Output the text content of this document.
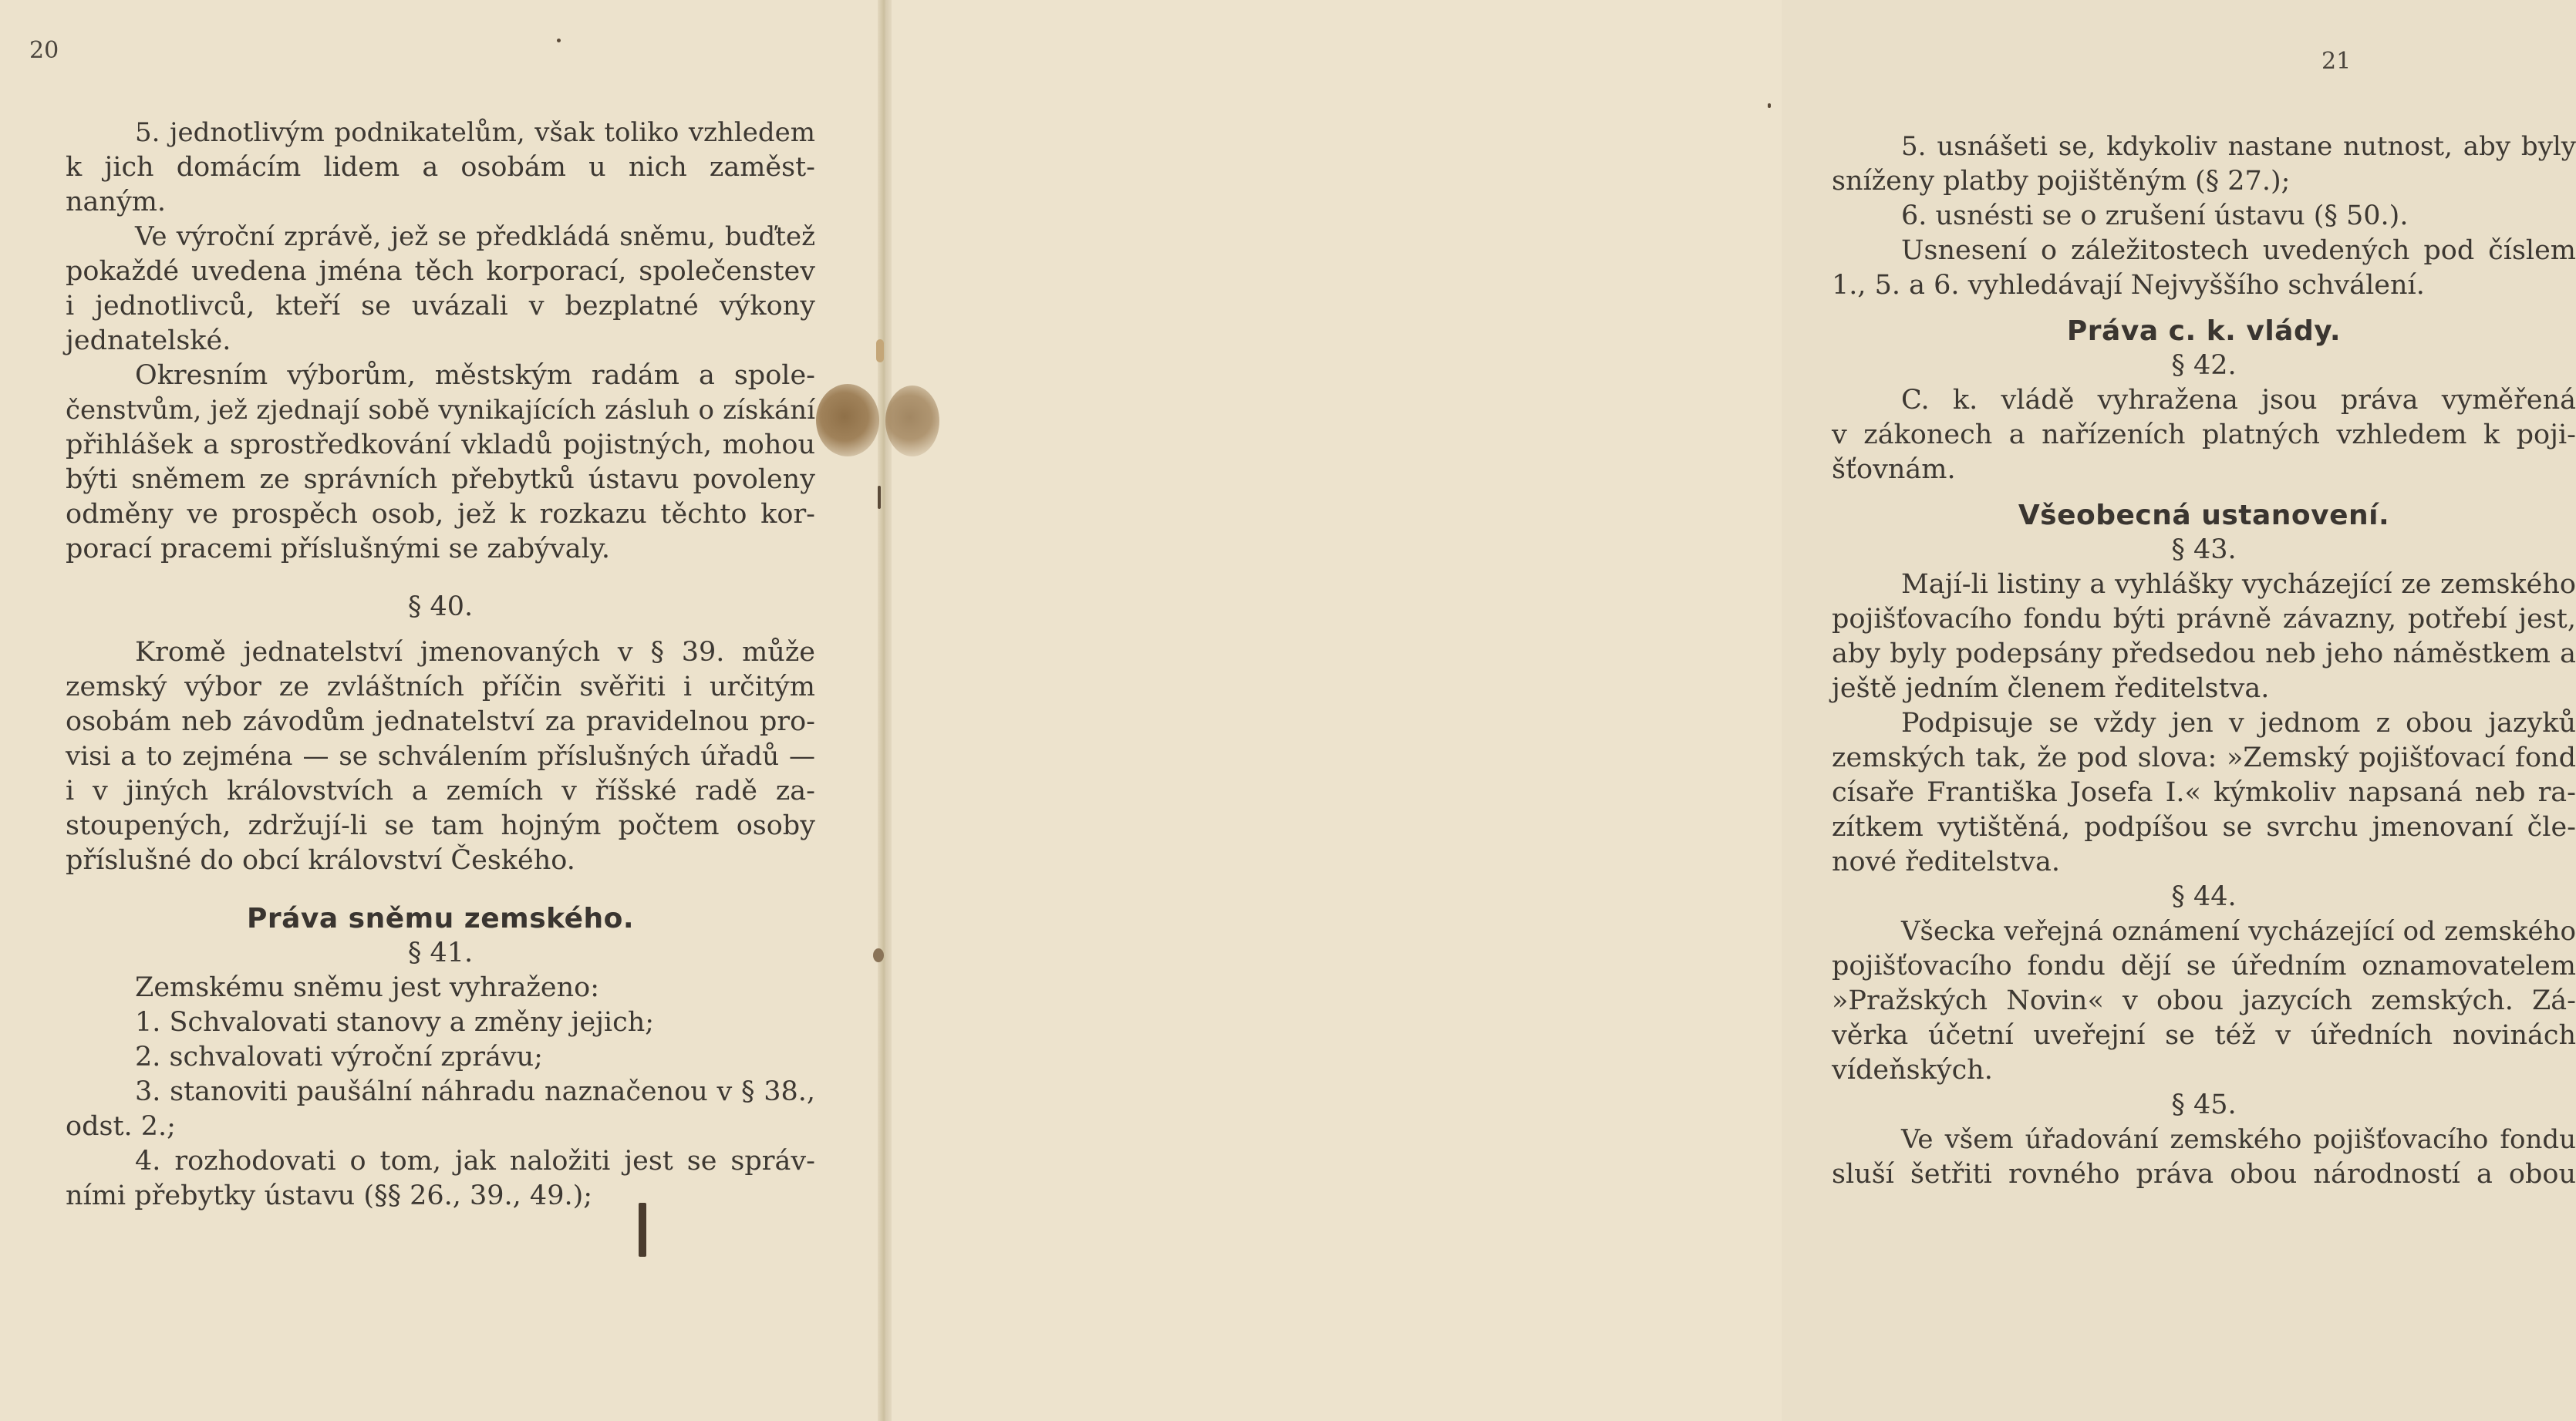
20
5. jednotlivým podnikatelům, však toliko vzhledem
k jich domácím lidem a osobám u nich zaměst-
naným.
Ve výroční zprávě, jež se předkládá sněmu, buďtež
pokaždé uvedena jména těch korporací, společenstev
i jednotlivců, kteří se uvázali v bezplatné výkony
jednatelské.
Okresním výborům, městským radám a spole-
čenstvům, jež zjednají sobě vynikajících zásluh o získání
přihlášek a sprostředkování vkladů pojistných, mohou
býti sněmem ze správních přebytků ústavu povoleny
odměny ve prospěch osob, jež k rozkazu těchto kor-
porací pracemi příslušnými se zabývaly.
§ 40.
Kromě jednatelství jmenovaných v § 39. může
zemský výbor ze zvláštních příčin svěřiti i určitým
osobám neb závodům jednatelství za pravidelnou pro-
visi a to zejména — se schválením příslušných úřadů —
i v jiných královstvích a zemích v říšské radě za-
stoupených, zdržují-li se tam hojným počtem osoby
příslušné do obcí království Českého.
Práva sněmu zemského.
§ 41.
Zemskému sněmu jest vyhraženo:
1. Schvalovati stanovy a změny jejich;
2. schvalovati výroční zprávu;
3. stanoviti paušální náhradu naznačenou v § 38.,
odst. 2.;
4. rozhodovati o tom, jak naložiti jest se správ-
ními přebytky ústavu (§§ 26., 39., 49.);
21
5. usnášeti se, kdykoliv nastane nutnost, aby byly
sníženy platby pojištěným (§ 27.);
6. usnésti se o zrušení ústavu (§ 50.).
Usnesení o záležitostech uvedených pod číslem
1., 5. a 6. vyhledávají Nejvyššího schválení.
Práva c. k. vlády.
§ 42.
C. k. vládě vyhražena jsou práva vyměřená
v zákonech a nařízeních platných vzhledem k poji-
šťovnám.
Všeobecná ustanovení.
§ 43.
Mají-li listiny a vyhlášky vycházející ze zemského
pojišťovacího fondu býti právně závazny, potřebí jest,
aby byly podepsány předsedou neb jeho náměstkem a
ještě jedním členem ředitelstva.
Podpisuje se vždy jen v jednom z obou jazyků
zemských tak, že pod slova: »Zemský pojišťovací fond
císaře Františka Josefa I.« kýmkoliv napsaná neb ra-
zítkem vytištěná, podpíšou se svrchu jmenovaní čle-
nové ředitelstva.
§ 44.
Všecka veřejná oznámení vycházející od zemského
pojišťovacího fondu dějí se úředním oznamovatelem
»Pražských Novin« v obou jazycích zemských. Zá-
věrka účetní uveřejní se též v úředních novinách
vídeňských.
§ 45.
Ve všem úřadování zemského pojišťovacího fondu
sluší šetřiti rovného práva obou národností a obou
